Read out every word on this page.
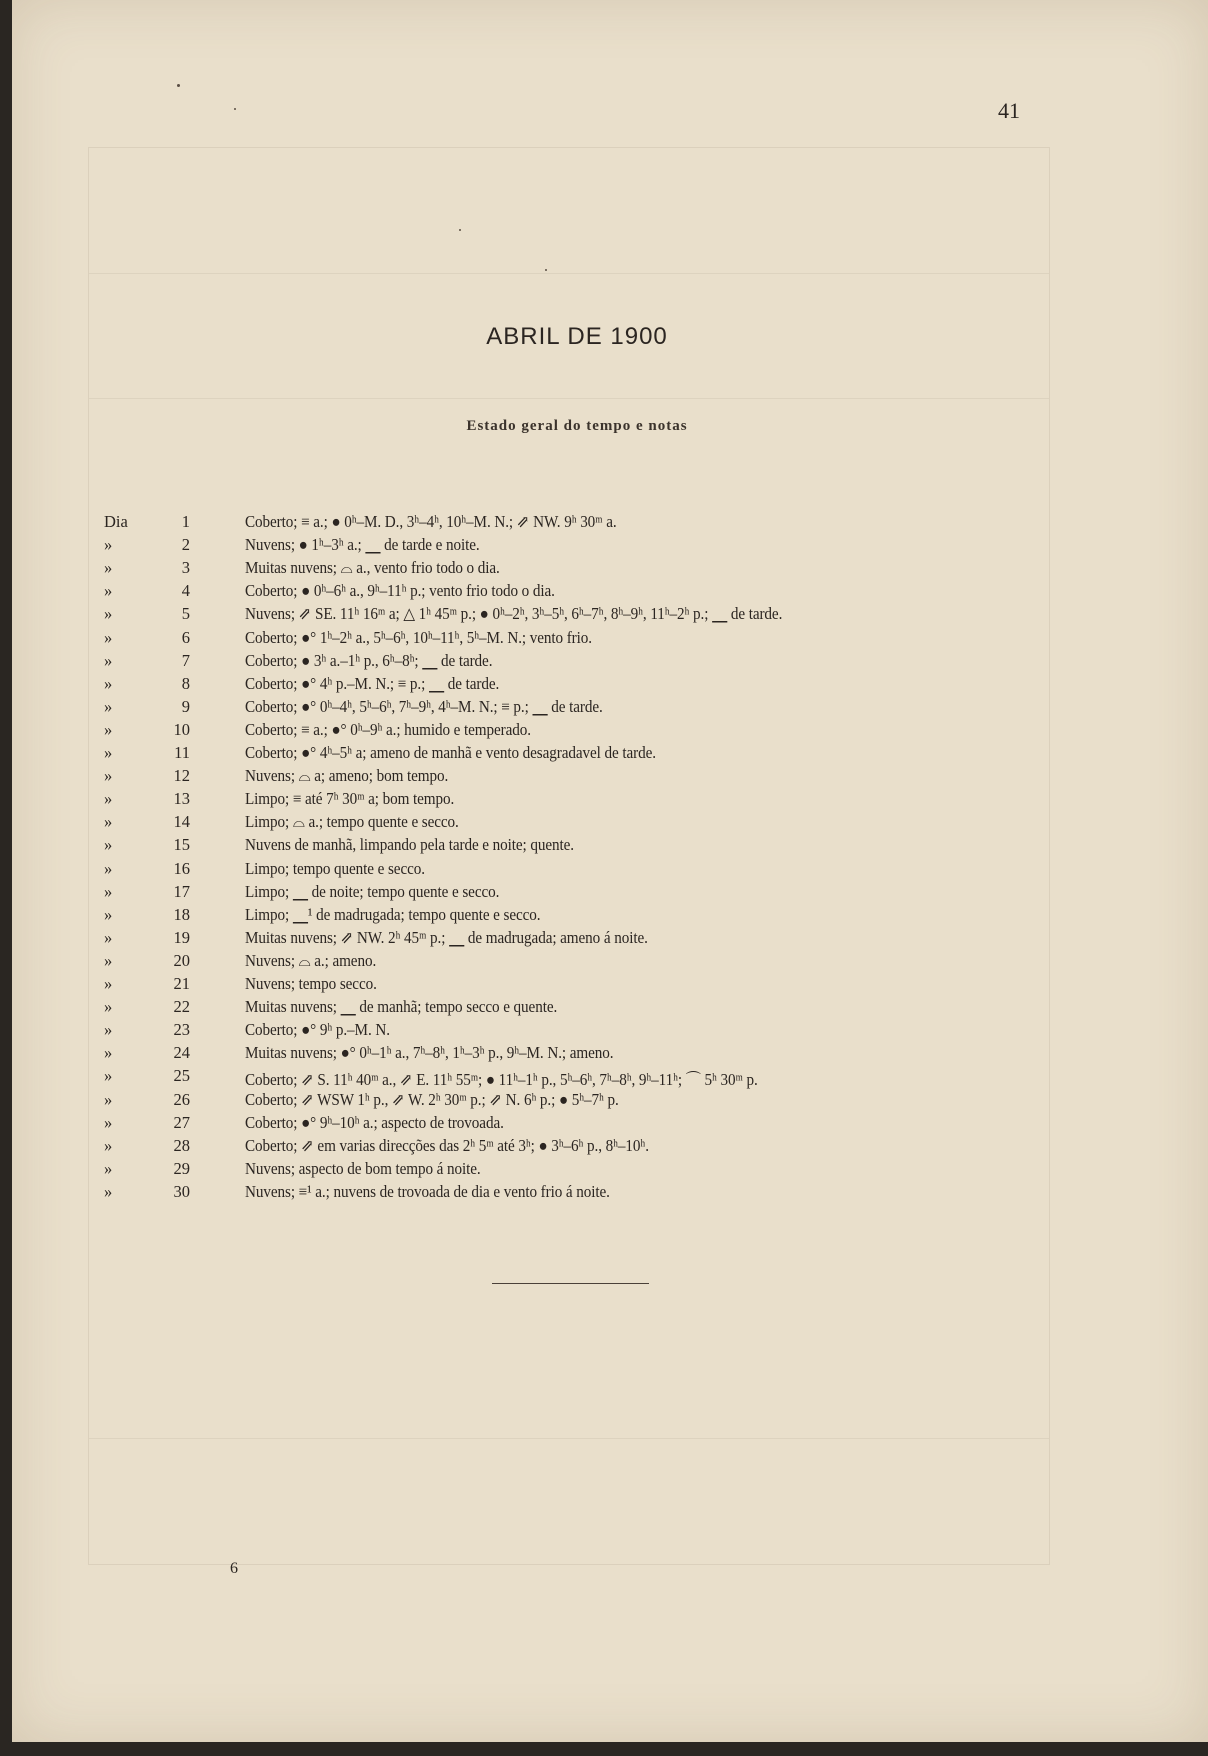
41
ABRIL DE 1900
Estado geral do tempo e notas
Dia	1	Coberto; ≡ a.; ● 0ʰ–M. D., 3ʰ–4ʰ, 10ʰ–M. N.; ⇗ NW. 9ʰ 30ᵐ a.
»	2	Nuvens; ● 1ʰ–3ʰ a.; ⎽ de tarde e noite.
»	3	Muitas nuvens; ⌓ a., vento frio todo o dia.
»	4	Coberto; ● 0ʰ–6ʰ a., 9ʰ–11ʰ p.; vento frio todo o dia.
»	5	Nuvens; ⇗ SE. 11ʰ 16ᵐ a; △ 1ʰ 45ᵐ p.; ● 0ʰ–2ʰ, 3ʰ–5ʰ, 6ʰ–7ʰ, 8ʰ–9ʰ, 11ʰ–2ʰ p.; ⎽ de tarde.
»	6	Coberto; ●° 1ʰ–2ʰ a., 5ʰ–6ʰ, 10ʰ–11ʰ, 5ʰ–M. N.; vento frio.
»	7	Coberto; ● 3ʰ a.–1ʰ p., 6ʰ–8ʰ; ⎽ de tarde.
»	8	Coberto; ●° 4ʰ p.–M. N.; ≡ p.; ⎽ de tarde.
»	9	Coberto; ●° 0ʰ–4ʰ, 5ʰ–6ʰ, 7ʰ–9ʰ, 4ʰ–M. N.; ≡ p.; ⎽ de tarde.
»	10	Coberto; ≡ a.; ●° 0ʰ–9ʰ a.; humido e temperado.
»	11	Coberto; ●° 4ʰ–5ʰ a; ameno de manhã e vento desagradavel de tarde.
»	12	Nuvens; ⌓ a; ameno; bom tempo.
»	13	Limpo; ≡ até 7ʰ 30ᵐ a; bom tempo.
»	14	Limpo; ⌓ a.; tempo quente e secco.
»	15	Nuvens de manhã, limpando pela tarde e noite; quente.
»	16	Limpo; tempo quente e secco.
»	17	Limpo; ⎽ de noite; tempo quente e secco.
»	18	Limpo; ⎽¹ de madrugada; tempo quente e secco.
»	19	Muitas nuvens; ⇗ NW. 2ʰ 45ᵐ p.; ⎽ de madrugada; ameno á noite.
»	20	Nuvens; ⌓ a.; ameno.
»	21	Nuvens; tempo secco.
»	22	Muitas nuvens; ⎽ de manhã; tempo secco e quente.
»	23	Coberto; ●° 9ʰ p.–M. N.
»	24	Muitas nuvens; ●° 0ʰ–1ʰ a., 7ʰ–8ʰ, 1ʰ–3ʰ p., 9ʰ–M. N.; ameno.
»	25	Coberto; ⇗ S. 11ʰ 40ᵐ a., ⇗ E. 11ʰ 55ᵐ; ● 11ʰ–1ʰ p., 5ʰ–6ʰ, 7ʰ–8ʰ, 9ʰ–11ʰ; ⌒ 5ʰ 30ᵐ p.
»	26	Coberto; ⇗ WSW 1ʰ p., ⇗ W. 2ʰ 30ᵐ p.; ⇗ N. 6ʰ p.; ● 5ʰ–7ʰ p.
»	27	Coberto; ●° 9ʰ–10ʰ a.; aspecto de trovoada.
»	28	Coberto; ⇗ em varias direcções das 2ʰ 5ᵐ até 3ʰ; ● 3ʰ–6ʰ p., 8ʰ–10ʰ.
»	29	Nuvens; aspecto de bom tempo á noite.
»	30	Nuvens; ≡¹ a.; nuvens de trovoada de dia e vento frio á noite.
6
